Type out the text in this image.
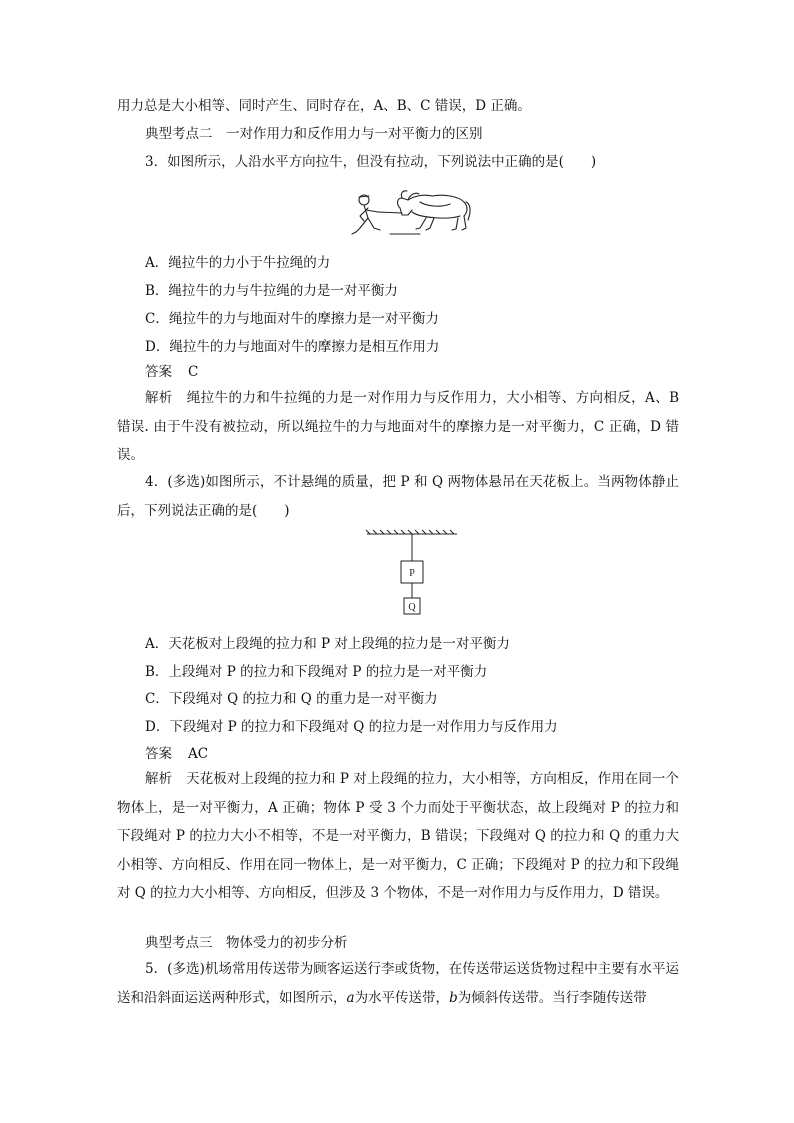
用力总是大小相等、同时产生、同时存在，A、B、C 错误，D 正确。
典型考点二　一对作用力和反作用力与一对平衡力的区别
3．如图所示，人沿水平方向拉牛，但没有拉动，下列说法中正确的是(　　)
A．绳拉牛的力小于牛拉绳的力
B．绳拉牛的力与牛拉绳的力是一对平衡力
C．绳拉牛的力与地面对牛的摩擦力是一对平衡力
D．绳拉牛的力与地面对牛的摩擦力是相互作用力
答案 C
解析 绳拉牛的力和牛拉绳的力是一对作用力与反作用力，大小相等、方向相反，A、B 错误. 由于牛没有被拉动，所以绳拉牛的力与地面对牛的摩擦力是一对平衡力，C 正确，D 错误。
4．(多选)如图所示，不计悬绳的质量，把 P 和 Q 两物体悬吊在天花板上。当两物体静止后，下列说法正确的是(　　)
P
Q
A．天花板对上段绳的拉力和 P 对上段绳的拉力是一对平衡力
B．上段绳对 P 的拉力和下段绳对 P 的拉力是一对平衡力
C．下段绳对 Q 的拉力和 Q 的重力是一对平衡力
D．下段绳对 P 的拉力和下段绳对 Q 的拉力是一对作用力与反作用力
答案 AC
解析 天花板对上段绳的拉力和 P 对上段绳的拉力，大小相等，方向相反，作用在同一个物体上，是一对平衡力，A 正确；物体 P 受 3 个力而处于平衡状态，故上段绳对 P 的拉力和下段绳对 P 的拉力大小不相等，不是一对平衡力，B 错误；下段绳对 Q 的拉力和 Q 的重力大小相等、方向相反、作用在同一物体上，是一对平衡力，C 正确；下段绳对 P 的拉力和下段绳对 Q 的拉力大小相等、方向相反，但涉及 3 个物体，不是一对作用力与反作用力，D 错误。
典型考点三　物体受力的初步分析
5．(多选)机场常用传送带为顾客运送行李或货物，在传送带运送货物过程中主要有水平运送和沿斜面运送两种形式，如图所示，a为水平传送带，b为倾斜传送带。当行李随传送带
